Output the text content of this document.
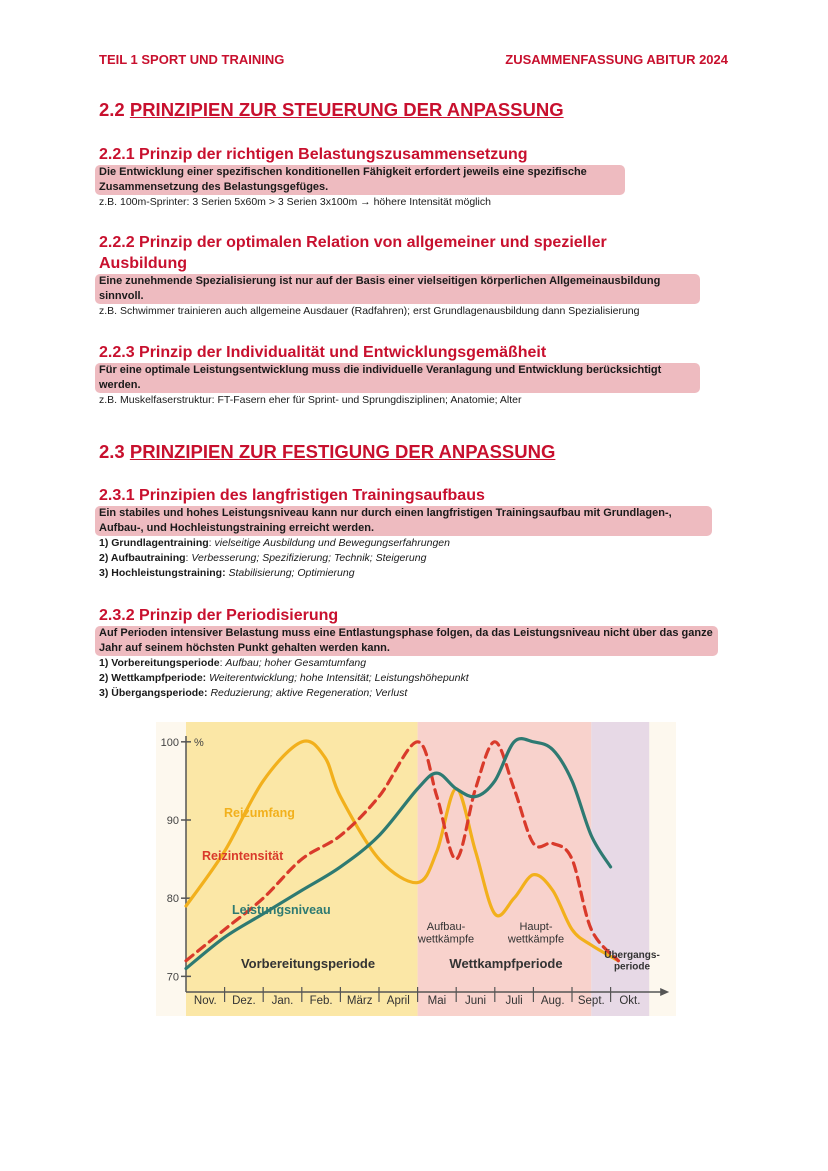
TEIL 1 SPORT UND TRAINING	ZUSAMMENFASSUNG ABITUR 2024
2.2 PRINZIPIEN ZUR STEUERUNG DER ANPASSUNG
2.2.1 Prinzip der richtigen Belastungszusammensetzung
Die Entwicklung einer spezifischen konditionellen Fähigkeit erfordert jeweils eine spezifische Zusammensetzung des Belastungsgefüges.
z.B. 100m-Sprinter: 3 Serien 5x60m > 3 Serien 3x100m → höhere Intensität möglich
2.2.2 Prinzip der optimalen Relation von allgemeiner und spezieller Ausbildung
Eine zunehmende Spezialisierung ist nur auf der Basis einer vielseitigen körperlichen Allgemeinausbildung sinnvoll.
z.B. Schwimmer trainieren auch allgemeine Ausdauer (Radfahren); erst Grundlagenausbildung dann Spezialisierung
2.2.3 Prinzip der Individualität und Entwicklungsgemäßheit
Für eine optimale Leistungsentwicklung muss die individuelle Veranlagung und Entwicklung berücksichtigt werden.
z.B. Muskelfaserstruktur: FT-Fasern eher für Sprint- und Sprungdisziplinen; Anatomie; Alter
2.3 PRINZIPIEN ZUR FESTIGUNG DER ANPASSUNG
2.3.1 Prinzipien des langfristigen Trainingsaufbaus
Ein stabiles und hohes Leistungsniveau kann nur durch einen langfristigen Trainingsaufbau mit Grundlagen-, Aufbau-, und Hochleistungstraining erreicht werden.
1) Grundlagentraining: vielseitige Ausbildung und Bewegungserfahrungen
2) Aufbautraining: Verbesserung; Spezifizierung; Technik; Steigerung
3) Hochleistungstraining: Stabilisierung; Optimierung
2.3.2 Prinzip der Periodisierung
Auf Perioden intensiver Belastung muss eine Entlastungsphase folgen, da das Leistungsniveau nicht über das ganze Jahr auf seinem höchsten Punkt gehalten werden kann.
1) Vorbereitungsperiode: Aufbau; hoher Gesamtumfang
2) Wettkampfperiode: Weiterentwicklung; hohe Intensität; Leistungshöhepunkt
3) Übergangsperiode: Reduzierung; aktive Regeneration; Verlust
70
80
90
100 %
Nov. Dez. Jan. Feb. März April Mai Juni Juli Aug. Sept. Okt.
Reizumfang
Reizintensität
Leistungsniveau
Vorbereitungsperiode	Wettkampfperiode
Übergangs-periode
Aufbau-wettkämpfe
Haupt-wettkämpfe
